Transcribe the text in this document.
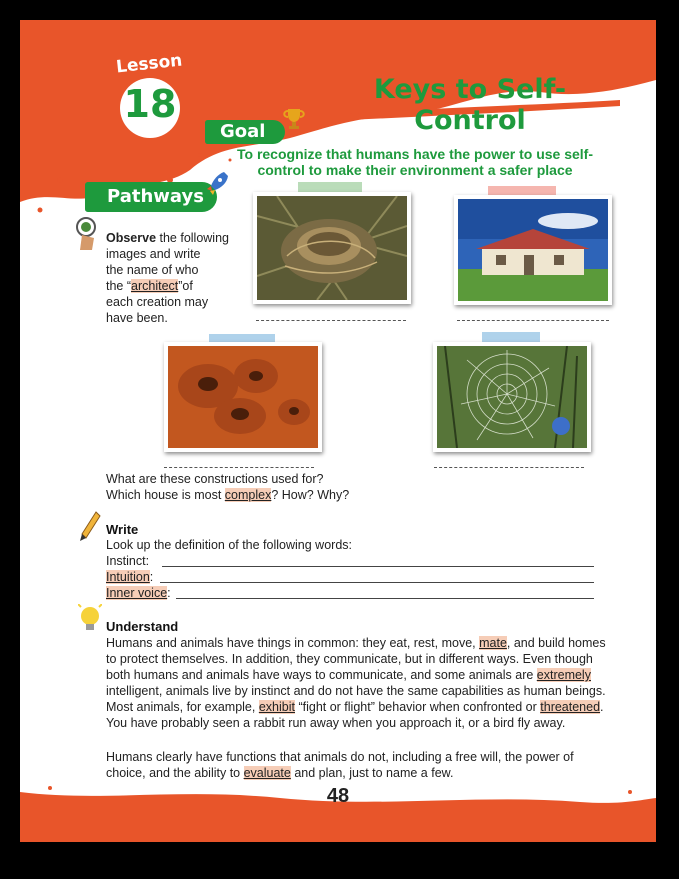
Lesson
18	Keys to Self-Control
Goal
To recognize that humans have the power to use self-control to make their environment a safer place
Pathways
Observe the following
images and write
the name of who
the “architect”of
each creation may
have been.
What are these constructions used for?
Which house is most complex? How? Why?
Write
Look up the definition of the following words:
Instinct:
Intuition:
Inner voice:
Understand
Humans and animals have things in common: they eat, rest, move, mate, and build homes to protect themselves. In addition, they communicate, but in different ways. Even though both humans and animals have ways to communicate, and some animals are extremely intelligent, animals live by instinct and do not have the same capabilities as human beings. Most animals, for example, exhibit “fight or flight” behavior when confronted or threatened. You have probably seen a rabbit run away when you approach it, or a bird fly away.
Humans clearly have functions that animals do not, including a free will, the power of choice, and the ability to evaluate and plan, just to name a few.
48
